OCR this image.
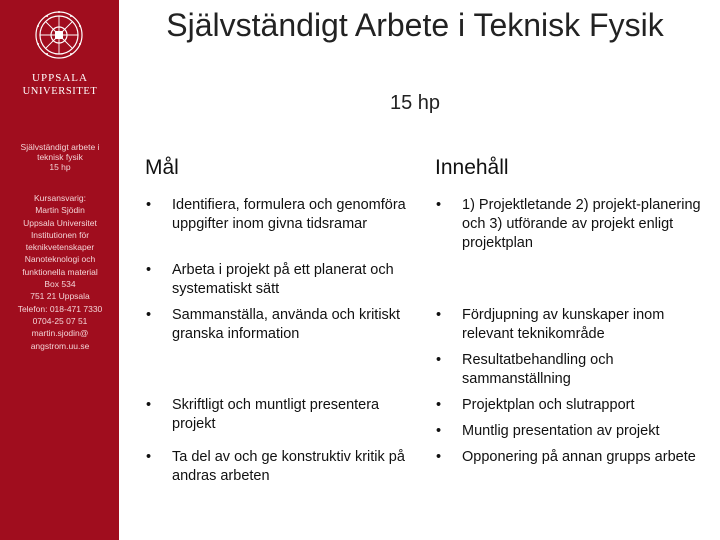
UPPSALA
UNIVERSITET
Självständigt arbete i
teknisk fysik
15 hp
Kursansvarig:
Martin Sjödin
Uppsala Universitet
Institutionen för
teknikvetenskaper
Nanoteknologi och
funktionella material
Box 534
751 21 Uppsala
Telefon: 018-471 7330
0704-25 07 51
martin.sjodin@
angstrom.uu.se
Självständigt Arbete i Teknisk Fysik
15 hp
Mål	Innehåll
• Identifiera, formulera och genomföra uppgifter inom givna tidsramar
• Arbeta i projekt på ett planerat och systematiskt sätt
• Sammanställa, använda och kritiskt granska information
• Skriftligt och muntligt presentera projekt
• Ta del av och ge konstruktiv kritik på andras arbeten
• 1) Projektletande 2) projekt-planering och 3) utförande av projekt enligt projektplan
• Fördjupning av kunskaper inom relevant teknikområde
• Resultatbehandling och sammanställning
• Projektplan och slutrapport
• Muntlig presentation av projekt
• Opponering på annan grupps arbete
